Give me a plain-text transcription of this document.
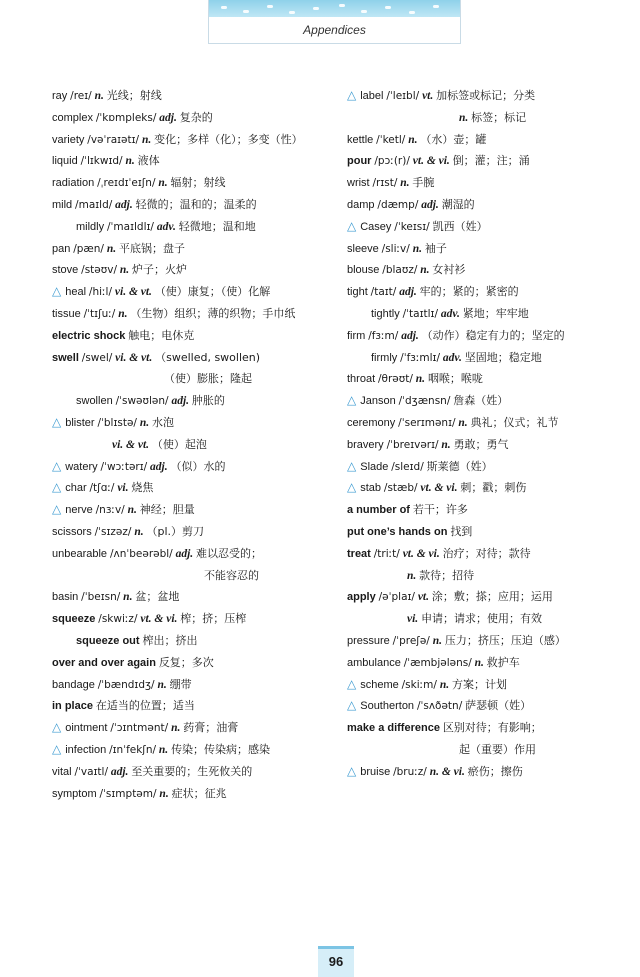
Appendices
ray /reɪ/ n. 光线；射线
complex /ˈkɒmpleks/ adj. 复杂的
variety /vəˈraɪətɪ/ n. 变化；多样（化）；多变（性）
liquid /ˈlɪkwɪd/ n. 液体
radiation /ˌreɪdɪˈeɪʃn/ n. 辐射；射线
mild /maɪld/ adj. 轻微的；温和的；温柔的
mildly /ˈmaɪldlɪ/ adv. 轻微地；温和地
pan /pæn/ n. 平底锅；盘子
stove /stəʊv/ n. 炉子；火炉
△ heal /hiːl/ vi. & vt. （使）康复；（使）化解
tissue /ˈtɪʃuː/ n. （生物）组织；薄的织物；手巾纸
electric shock 触电；电休克
swell /swel/ vi. & vt. （swelled, swollen)
（使）膨胀；隆起
swollen /ˈswəʊlən/ adj. 肿胀的
△ blister /ˈblɪstə/ n. 水泡
vi. & vt. （使）起泡
△ watery /ˈwɔːtərɪ/ adj. （似）水的
△ char /tʃɑː/ vi. 烧焦
△ nerve /nɜːv/ n. 神经；胆量
scissors /ˈsɪzəz/ n. （pl.）剪刀
unbearable /ʌnˈbeərəbl/ adj. 难以忍受的；
不能容忍的
basin /ˈbeɪsn/ n. 盆；盆地
squeeze /skwiːz/ vt. & vi. 榨；挤；压榨
squeeze out 榨出；挤出
over and over again 反复；多次
bandage /ˈbændɪdʒ/ n. 绷带
in place 在适当的位置；适当
△ ointment /ˈɔɪntmənt/ n. 药膏；油膏
△ infection /ɪnˈfekʃn/ n. 传染；传染病；感染
vital /ˈvaɪtl/ adj. 至关重要的；生死攸关的
symptom /ˈsɪmptəm/ n. 症状；征兆
△ label /ˈleɪbl/ vt. 加标签或标记；分类
n. 标签；标记
kettle /ˈketl/ n. （水）壶；罐
pour /pɔː(r)/ vt. & vi. 倒；灌；注；涌
wrist /rɪst/ n. 手腕
damp /dæmp/ adj. 潮湿的
△ Casey /ˈkeɪsɪ/ 凯西（姓）
sleeve /sliːv/ n. 袖子
blouse /blaʊz/ n. 女衬衫
tight /taɪt/ adj. 牢的；紧的；紧密的
tightly /ˈtaɪtlɪ/ adv. 紧地；牢牢地
firm /fɜːm/ adj. （动作）稳定有力的；坚定的
firmly /ˈfɜːmlɪ/ adv. 坚固地；稳定地
throat /θrəʊt/ n. 咽喉；喉咙
△ Janson /ˈdʒænsn/ 詹森（姓）
ceremony /ˈserɪmənɪ/ n. 典礼；仪式；礼节
bravery /ˈbreɪvərɪ/ n. 勇敢；勇气
△ Slade /sleɪd/ 斯莱德（姓）
△ stab /stæb/ vt. & vi. 刺；戳；刺伤
a number of 若干；许多
put one’s hands on 找到
treat /triːt/ vt. & vi. 治疗；对待；款待
n. 款待；招待
apply /əˈplaɪ/ vt. 涂；敷；搽；应用；运用
vi. 申请；请求；使用；有效
pressure /ˈpreʃə/ n. 压力；挤压；压迫（感）
ambulance /ˈæmbjələns/ n. 救护车
△ scheme /skiːm/ n. 方案；计划
△ Southerton /ˈsʌðətn/ 萨瑟顿（姓）
make a difference 区别对待；有影响；
起（重要）作用
△ bruise /bruːz/ n. & vi. 瘀伤；擦伤
96
